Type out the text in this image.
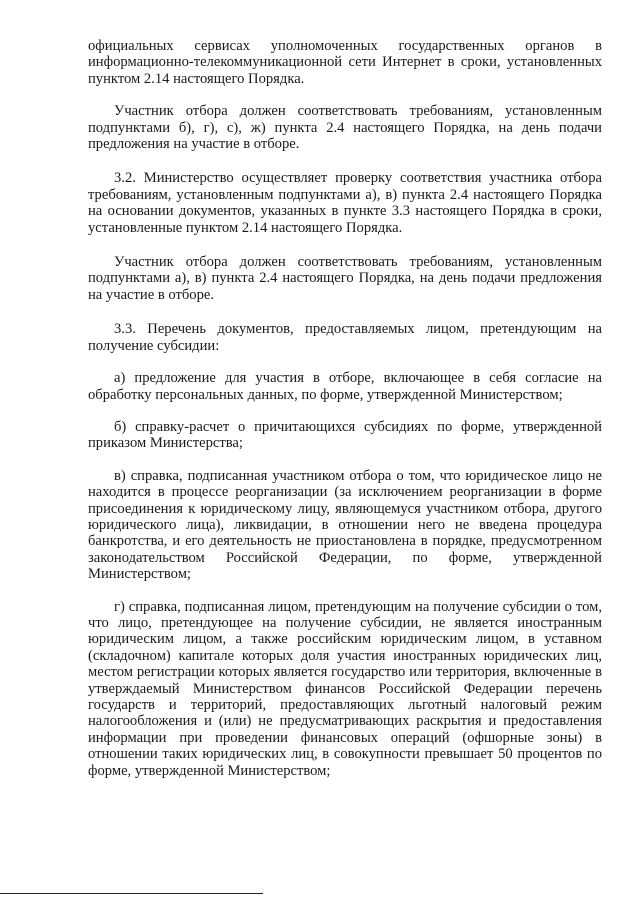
официальных сервисах уполномоченных государственных органов в информационно-телекоммуникационной сети Интернет в сроки, установленных пунктом 2.14 настоящего Порядка.

Участник отбора должен соответствовать требованиям, установленным подпунктами б), г), с), ж) пункта 2.4 настоящего Порядка, на день подачи предложения на участие в отборе.

3.2. Министерство осуществляет проверку соответствия участника отбора требованиям, установленным подпунктами а), в) пункта 2.4 настоящего Порядка на основании документов, указанных в пункте 3.3 настоящего Порядка в сроки, установленные пунктом 2.14 настоящего Порядка.

Участник отбора должен соответствовать требованиям, установленным подпунктами а), в) пункта 2.4 настоящего Порядка, на день подачи предложения на участие в отборе.

3.3. Перечень документов, предоставляемых лицом, претендующим на получение субсидии:

а) предложение для участия в отборе, включающее в себя согласие на обработку персональных данных, по форме, утвержденной Министерством;

б) справку-расчет о причитающихся субсидиях по форме, утвержденной приказом Министерства;

в) справка, подписанная участником отбора о том, что юридическое лицо не находится в процессе реорганизации (за исключением реорганизации в форме присоединения к юридическому лицу, являющемуся участником отбора, другого юридического лица), ликвидации, в отношении него не введена процедура банкротства, и его деятельность не приостановлена в порядке, предусмотренном законодательством Российской Федерации, по форме, утвержденной Министерством;

г) справка, подписанная лицом, претендующим на получение субсидии о том, что лицо, претендующее на получение субсидии, не является иностранным юридическим лицом, а также российским юридическим лицом, в уставном (складочном) капитале которых доля участия иностранных юридических лиц, местом регистрации которых является государство или территория, включенные в утверждаемый Министерством финансов Российской Федерации перечень государств и территорий, предоставляющих льготный налоговый режим налогообложения и (или) не предусматривающих раскрытия и предоставления информации при проведении финансовых операций (офшорные зоны) в отношении таких юридических лиц, в совокупности превышает 50 процентов по форме, утвержденной Министерством;
